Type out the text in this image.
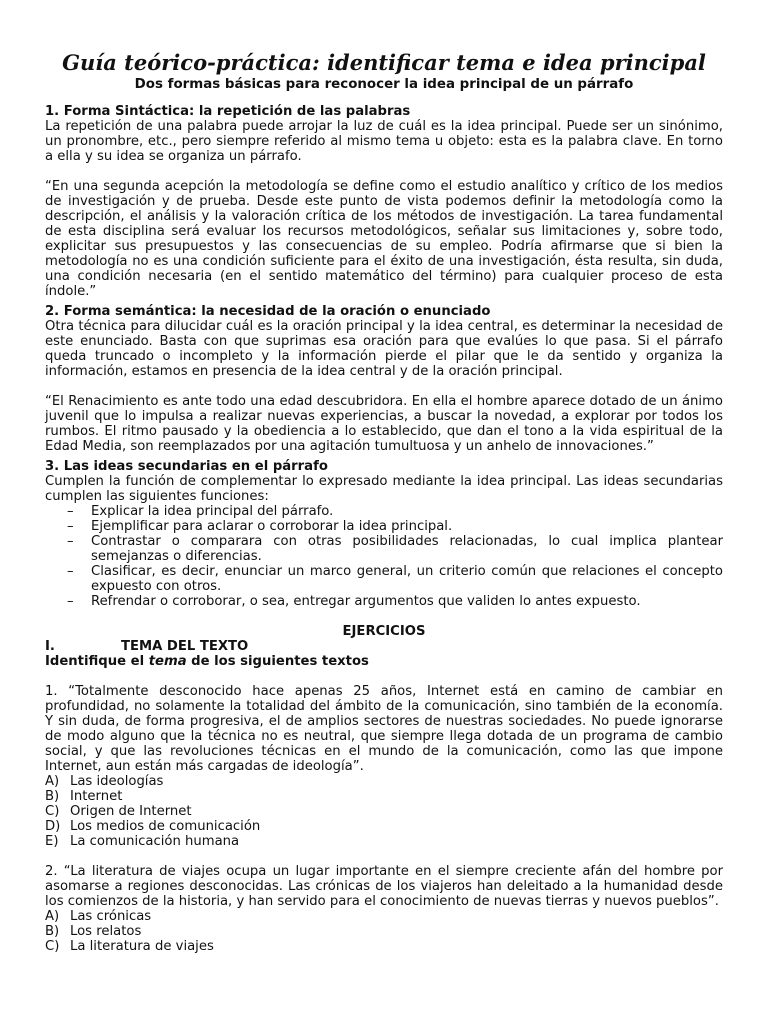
Guía teórico-práctica: identificar tema e idea principal
Dos formas básicas para reconocer la idea principal de un párrafo
1. Forma Sintáctica: la repetición de las palabras

La repetición de una palabra puede arrojar la luz de cuál es la idea principal. Puede ser un sinónimo, un pronombre, etc., pero siempre referido al mismo tema u objeto: esta es la palabra clave. En torno a ella y su idea se organiza un párrafo.

“En una segunda acepción la metodología se define como el estudio analítico y crítico de los medios de investigación y de prueba. Desde este punto de vista podemos definir la metodología como la descripción, el análisis y la valoración crítica de los métodos de investigación. La tarea fundamental de esta disciplina será evaluar los recursos metodológicos, señalar sus limitaciones y, sobre todo, explicitar sus presupuestos y las consecuencias de su empleo. Podría afirmarse que si bien la metodología no es una condición suficiente para el éxito de una investigación, ésta resulta, sin duda, una condición necesaria (en el sentido matemático del término) para cualquier proceso de esta índole.”

2. Forma semántica: la necesidad de la oración o enunciado

Otra técnica para dilucidar cuál es la oración principal y la idea central, es determinar la necesidad de este enunciado. Basta con que suprimas esa oración para que evalúes lo que pasa. Si el párrafo queda truncado o incompleto y la información pierde el pilar que le da sentido y organiza la información, estamos en presencia de la idea central y de la oración principal.

“El Renacimiento es ante todo una edad descubridora. En ella el hombre aparece dotado de un ánimo juvenil que lo impulsa a realizar nuevas experiencias, a buscar la novedad, a explorar por todos los rumbos. El ritmo pausado y la obediencia a lo establecido, que dan el tono a la vida espiritual de la Edad Media, son reemplazados por una agitación tumultuosa y un anhelo de innovaciones.”

3. Las ideas secundarias en el párrafo

Cumplen la función de complementar lo expresado mediante la idea principal. Las ideas secundarias cumplen las siguientes funciones:

– Explicar la idea principal del párrafo.
– Ejemplificar para aclarar o corroborar la idea principal.
– Contrastar o comparara con otras posibilidades relacionadas, lo cual implica plantear semejanzas o diferencias.
– Clasificar, es decir, enunciar un marco general, un criterio común que relaciones el concepto expuesto con otros.
– Refrendar o corroborar, o sea, entregar argumentos que validen lo antes expuesto.
EJERCICIOS
I.	TEMA DEL TEXTO
Identifique el tema de los siguientes textos

1. “Totalmente desconocido hace apenas 25 años, Internet está en camino de cambiar en profundidad, no solamente la totalidad del ámbito de la comunicación, sino también de la economía. Y sin duda, de forma progresiva, el de amplios sectores de nuestras sociedades. No puede ignorarse de modo alguno que la técnica no es neutral, que siempre llega dotada de un programa de cambio social, y que las revoluciones técnicas en el mundo de la comunicación, como las que impone Internet, aun están más cargadas de ideología”.

A) Las ideologías
B) Internet
C) Origen de Internet
D) Los medios de comunicación
E) La comunicación humana

2. “La literatura de viajes ocupa un lugar importante en el siempre creciente afán del hombre por asomarse a regiones desconocidas. Las crónicas de los viajeros han deleitado a la humanidad desde los comienzos de la historia, y han servido para el conocimiento de nuevas tierras y nuevos pueblos”.

A) Las crónicas
B) Los relatos
C) La literatura de viajes
